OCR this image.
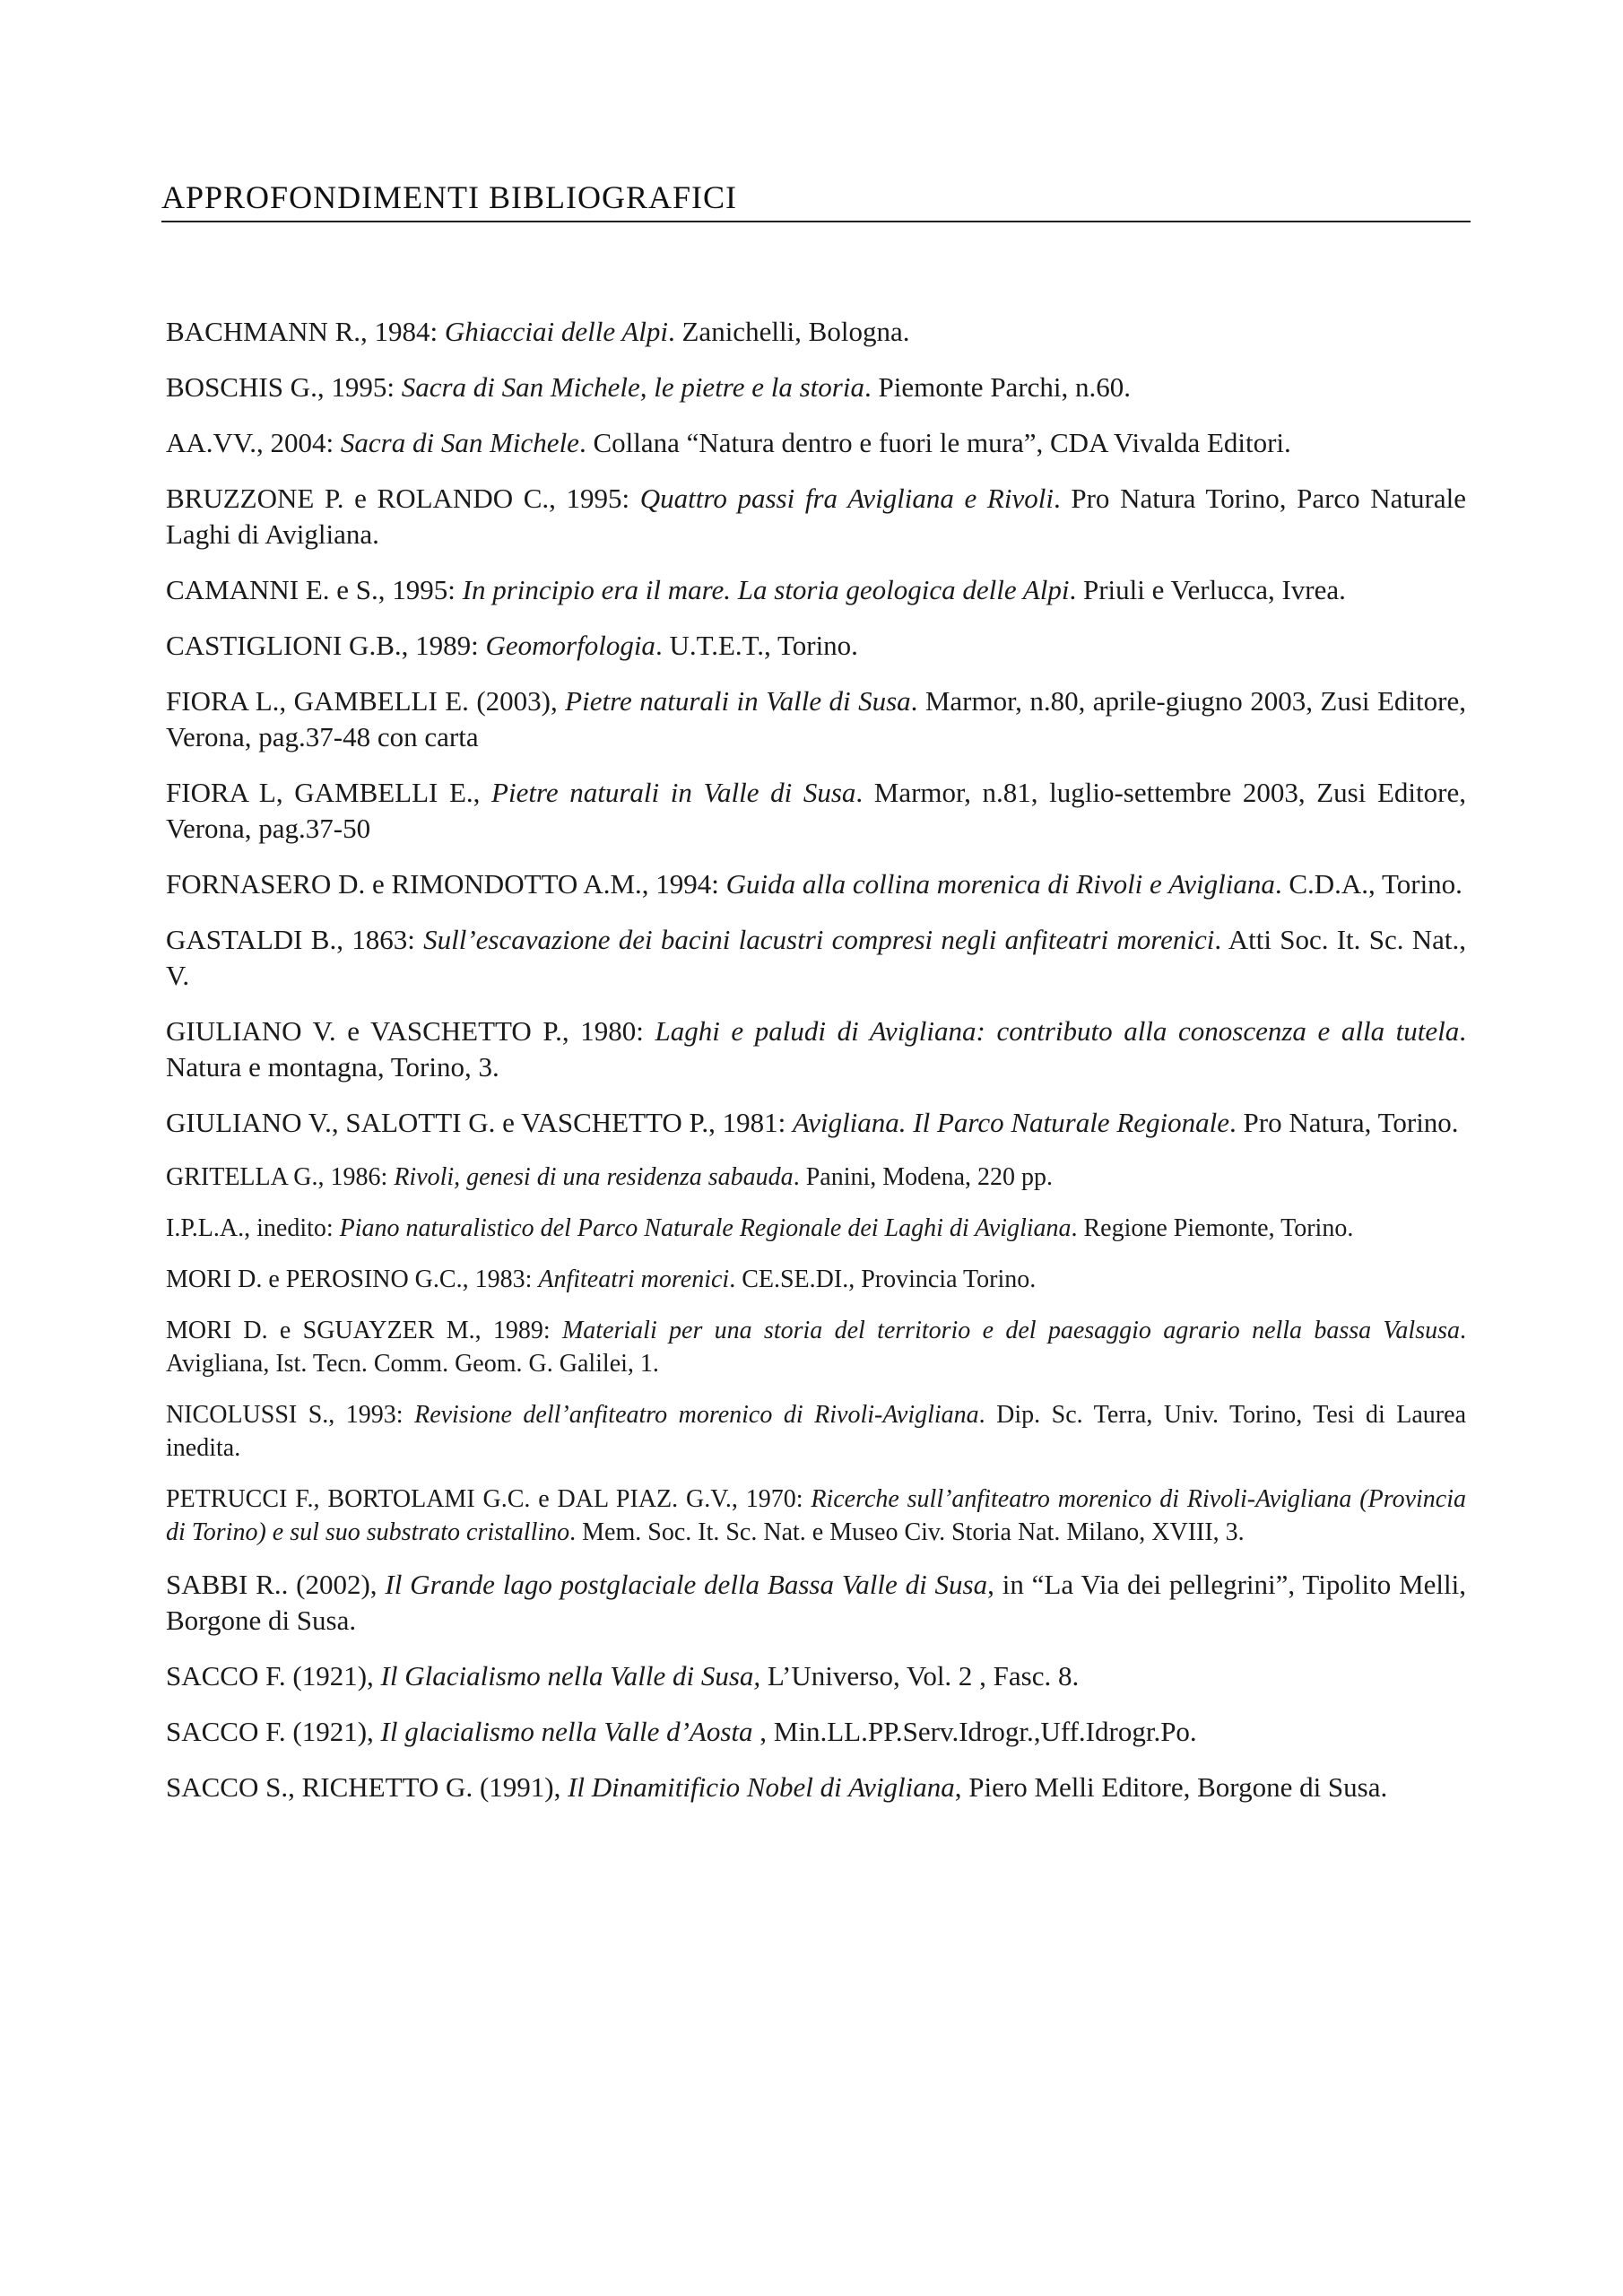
APPROFONDIMENTI BIBLIOGRAFICI
BACHMANN R., 1984: Ghiacciai delle Alpi. Zanichelli, Bologna.
BOSCHIS G., 1995: Sacra di San Michele, le pietre e la storia. Piemonte Parchi, n.60.
AA.VV., 2004: Sacra di San Michele. Collana “Natura dentro e fuori le mura”, CDA Vivalda Editori.
BRUZZONE P. e ROLANDO C., 1995: Quattro passi fra Avigliana e Rivoli. Pro Natura Torino, Parco Naturale Laghi di Avigliana.
CAMANNI E. e S., 1995: In principio era il mare. La storia geologica delle Alpi. Priuli e Verlucca, Ivrea.
CASTIGLIONI G.B., 1989: Geomorfologia. U.T.E.T., Torino.
FIORA L., GAMBELLI E. (2003), Pietre naturali in Valle di Susa. Marmor, n.80, aprile-giugno 2003, Zusi Editore, Verona, pag.37-48 con carta
FIORA L, GAMBELLI E., Pietre naturali in Valle di Susa. Marmor, n.81, luglio-settembre 2003, Zusi Editore, Verona, pag.37-50
FORNASERO D. e RIMONDOTTO A.M., 1994: Guida alla collina morenica di Rivoli e Avigliana. C.D.A., Torino.
GASTALDI B., 1863: Sull’escavazione dei bacini lacustri compresi negli anfiteatri morenici. Atti Soc. It. Sc. Nat., V.
GIULIANO V. e VASCHETTO P., 1980: Laghi e paludi di Avigliana: contributo alla conoscenza e alla tutela. Natura e montagna, Torino, 3.
GIULIANO V., SALOTTI G. e VASCHETTO P., 1981: Avigliana. Il Parco Naturale Regionale. Pro Natura, Torino.
GRITELLA G., 1986: Rivoli, genesi di una residenza sabauda. Panini, Modena, 220 pp.
I.P.L.A., inedito: Piano naturalistico del Parco Naturale Regionale dei Laghi di Avigliana. Regione Piemonte, Torino.
MORI D. e PEROSINO G.C., 1983: Anfiteatri morenici. CE.SE.DI., Provincia Torino.
MORI D. e SGUAYZER M., 1989: Materiali per una storia del territorio e del paesaggio agrario nella bassa Valsusa. Avigliana, Ist. Tecn. Comm. Geom. G. Galilei, 1.
NICOLUSSI S., 1993: Revisione dell’anfiteatro morenico di Rivoli-Avigliana. Dip. Sc. Terra, Univ. Torino, Tesi di Laurea inedita.
PETRUCCI F., BORTOLAMI G.C. e DAL PIAZ. G.V., 1970: Ricerche sull’anfiteatro morenico di Rivoli-Avigliana (Provincia di Torino) e sul suo substrato cristallino. Mem. Soc. It. Sc. Nat. e Museo Civ. Storia Nat. Milano, XVIII, 3.
SABBI R.. (2002), Il Grande lago postglaciale della Bassa Valle di Susa, in “La Via dei pellegrini”, Tipolito Melli, Borgone di Susa.
SACCO F. (1921), Il Glacialismo nella Valle di Susa, L’Universo, Vol. 2 , Fasc. 8.
SACCO F. (1921), Il glacialismo nella Valle d’Aosta , Min.LL.PP.Serv.Idrogr.,Uff.Idrogr.Po.
SACCO S., RICHETTO G. (1991), Il Dinamitificio Nobel di Avigliana, Piero Melli Editore, Borgone di Susa.
